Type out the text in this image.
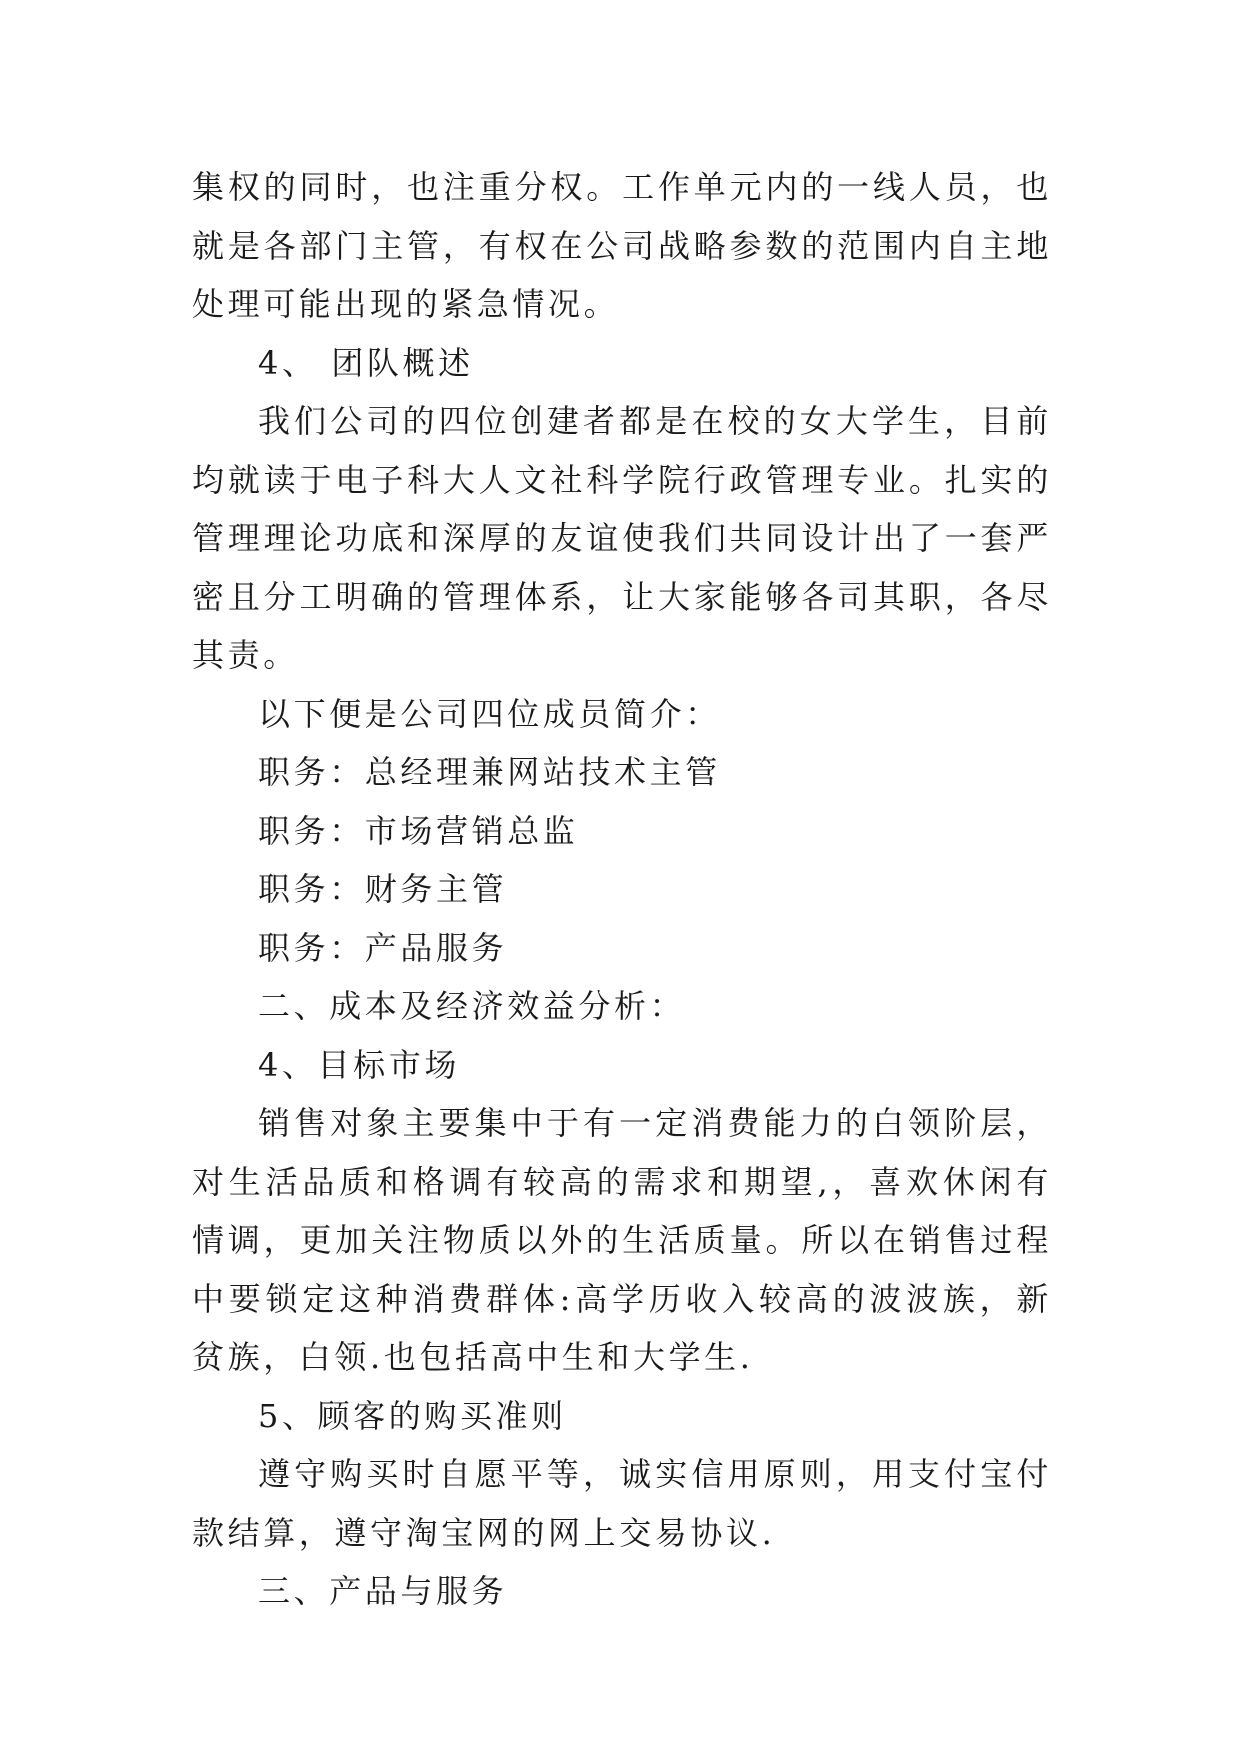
集权的同时，也注重分权。工作单元内的一线人员，也就是各部门主管，有权在公司战略参数的范围内自主地处理可能出现的紧急情况。

4、 团队概述

我们公司的四位创建者都是在校的女大学生，目前均就读于电子科大人文社科学院行政管理专业。扎实的管理理论功底和深厚的友谊使我们共同设计出了一套严密且分工明确的管理体系，让大家能够各司其职，各尽其责。

以下便是公司四位成员简介：

职务：总经理兼网站技术主管

职务：市场营销总监

职务：财务主管

职务：产品服务

二、成本及经济效益分析：

4、目标市场

销售对象主要集中于有一定消费能力的白领阶层，对生活品质和格调有较高的需求和期望,，喜欢休闲有情调，更加关注物质以外的生活质量。所以在销售过程中要锁定这种消费群体:高学历收入较高的波波族，新贫族，白领.也包括高中生和大学生.

5、顾客的购买准则

遵守购买时自愿平等，诚实信用原则，用支付宝付款结算，遵守淘宝网的网上交易协议.

三、产品与服务
